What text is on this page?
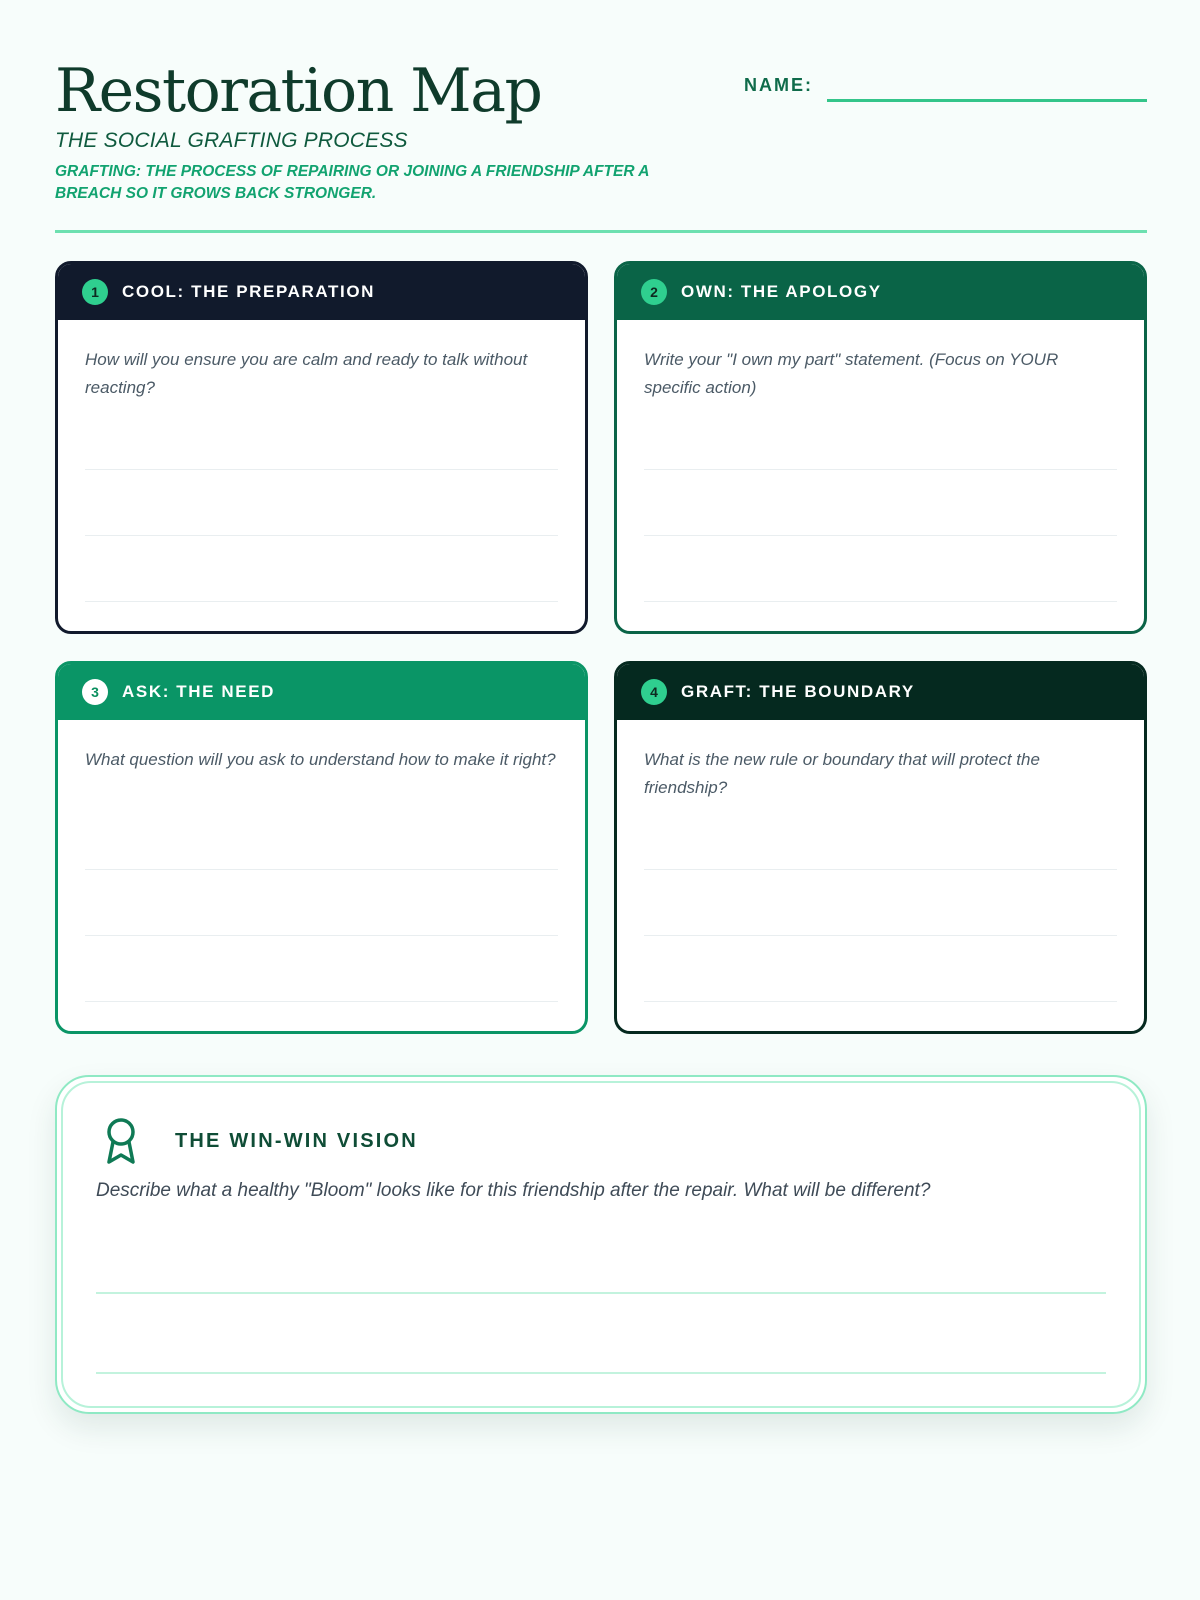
Restoration Map
THE SOCIAL GRAFTING PROCESS
GRAFTING: THE PROCESS OF REPAIRING OR JOINING A FRIENDSHIP AFTER A BREACH SO IT GROWS BACK STRONGER.
NAME:
1	COOL: THE PREPARATION

How will you ensure you are calm and ready to talk without reacting?

2	OWN: THE APOLOGY

Write your "I own my part" statement. (Focus on YOUR specific action)

3	ASK: THE NEED

What question will you ask to understand how to make it right?

4	GRAFT: THE BOUNDARY

What is the new rule or boundary that will protect the friendship?

THE WIN-WIN VISION
Describe what a healthy "Bloom" looks like for this friendship after the repair. What will be different?
